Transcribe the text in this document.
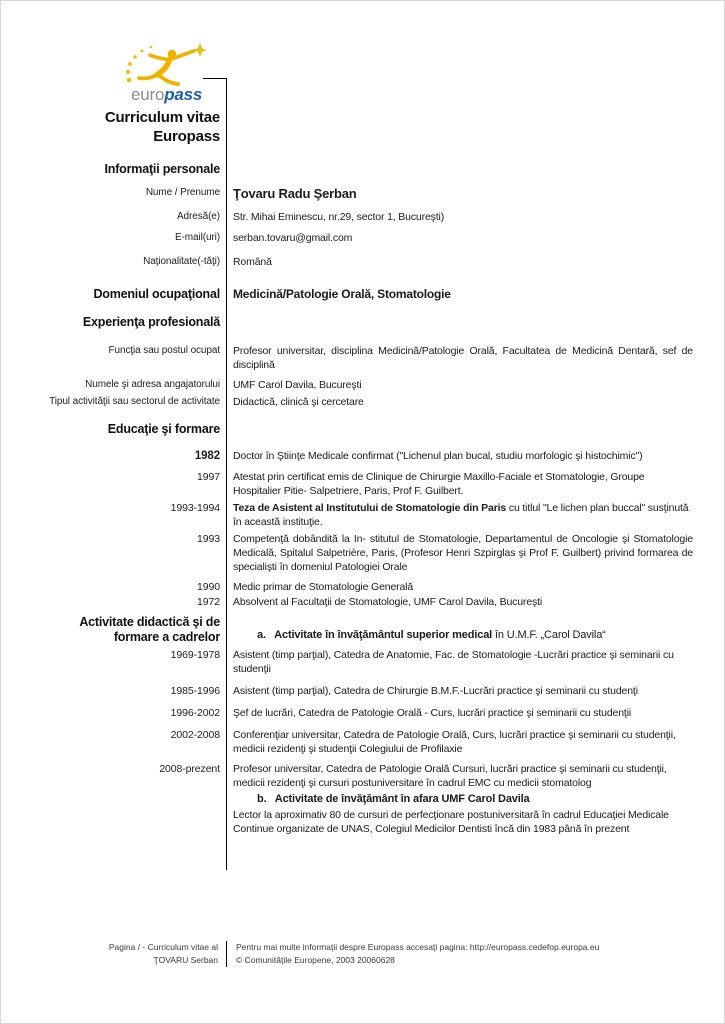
europass
Curriculum vitae
Europass
Informaţii personale
Nume / Prenume Ţovaru Radu Şerban
Adresă(e) Str. Mihai Eminescu, nr.29, sector 1, Bucureşti)
E-mail(uri) serban.tovaru@gmail.com
Naţionalitate(-tăţi) Română
Domeniul ocupaţional Medicină/Patologie Orală, Stomatologie
Experienţa profesională
Funcţia sau postul ocupat Profesor universitar, disciplina Medicină/Patologie Orală, Facultatea de Medicină Dentară, sef de disciplină
Numele şi adresa angajatorului UMF Carol Davila, Bucureşti
Tipul activităţii sau sectorul de activitate Didactică, clinică şi cercetare
Educaţie şi formare
1982 Doctor în Ştiinţe Medicale confirmat ("Lichenul plan bucal, studiu morfologic şi histochimic")
1997 Atestat prin certificat emis de Clinique de Chirurgie Maxillo-Faciale et Stomatologie, Groupe Hospitalier Pitie- Salpetriere, Paris, Prof F. Guilbert.
1993-1994 Teza de Asistent al Institutului de Stomatologie din Paris cu titlul "Le lichen plan buccal" susţinută în această instituţie.
1993 Competenţă dobândită la In- stitutul de Stomatologie, Departamentul de Oncologie şi Stomatologie Medicală, Spitalul Salpetrière, Paris, (Profesor Henri Szpirglas şi Prof F. Guilbert) privind formarea de specialişti în domeniul Patologiei Orale
1990 Medic primar de Stomatologie Generală
1972 Absolvent al Facultaţii de Stomatologie, UMF Carol Davila, Bucureşti
Activitate didactică şi de
formare a cadrelor	a.   Activitate în învăţământul superior medical în U.M.F. „Carol Davila“
1969-1978 Asistent (timp parţial), Catedra de Anatomie, Fac. de Stomatologie -Lucrări practice şi seminarii cu studenţii
1985-1996 Asistent (timp parţial), Catedra de Chirurgie B.M.F.-Lucrări practice şi seminarii cu studenţi
1996-2002 Şef de lucrări, Catedra de Patologie Orală - Curs, lucrări practice şi seminarii cu studenţii
2002-2008 Conferenţiar universitar, Catedra de Patologie Orală, Curs, lucrări practice şi seminarii cu studenţii, medicii rezidenţi şi studenţii Colegiului de Profilaxie
2008-prezent Profesor universitar, Catedra de Patologie Orală Cursuri, lucrări practice şi seminarii cu studenţii, medicii rezidenţi şi cursuri postuniversitare în cadrul EMC cu medicii stomatolog
b.   Activitate de învăţământ în afara UMF Carol Davila
Lector la aproximativ 80 de cursuri de perfecţionare postuniversitară în cadrul Educaţiei Medicale Continue organizate de UNAS, Colegiul Medicilor Dentisti încă din 1983 până în prezent
Pagina / - Curriculum vitae al
ŢOVARU Serban
Pentru mai multe informaţii despre Europass accesaţi pagina: http://europass.cedefop.europa.eu
© Comunităţile Europene, 2003 20060628
